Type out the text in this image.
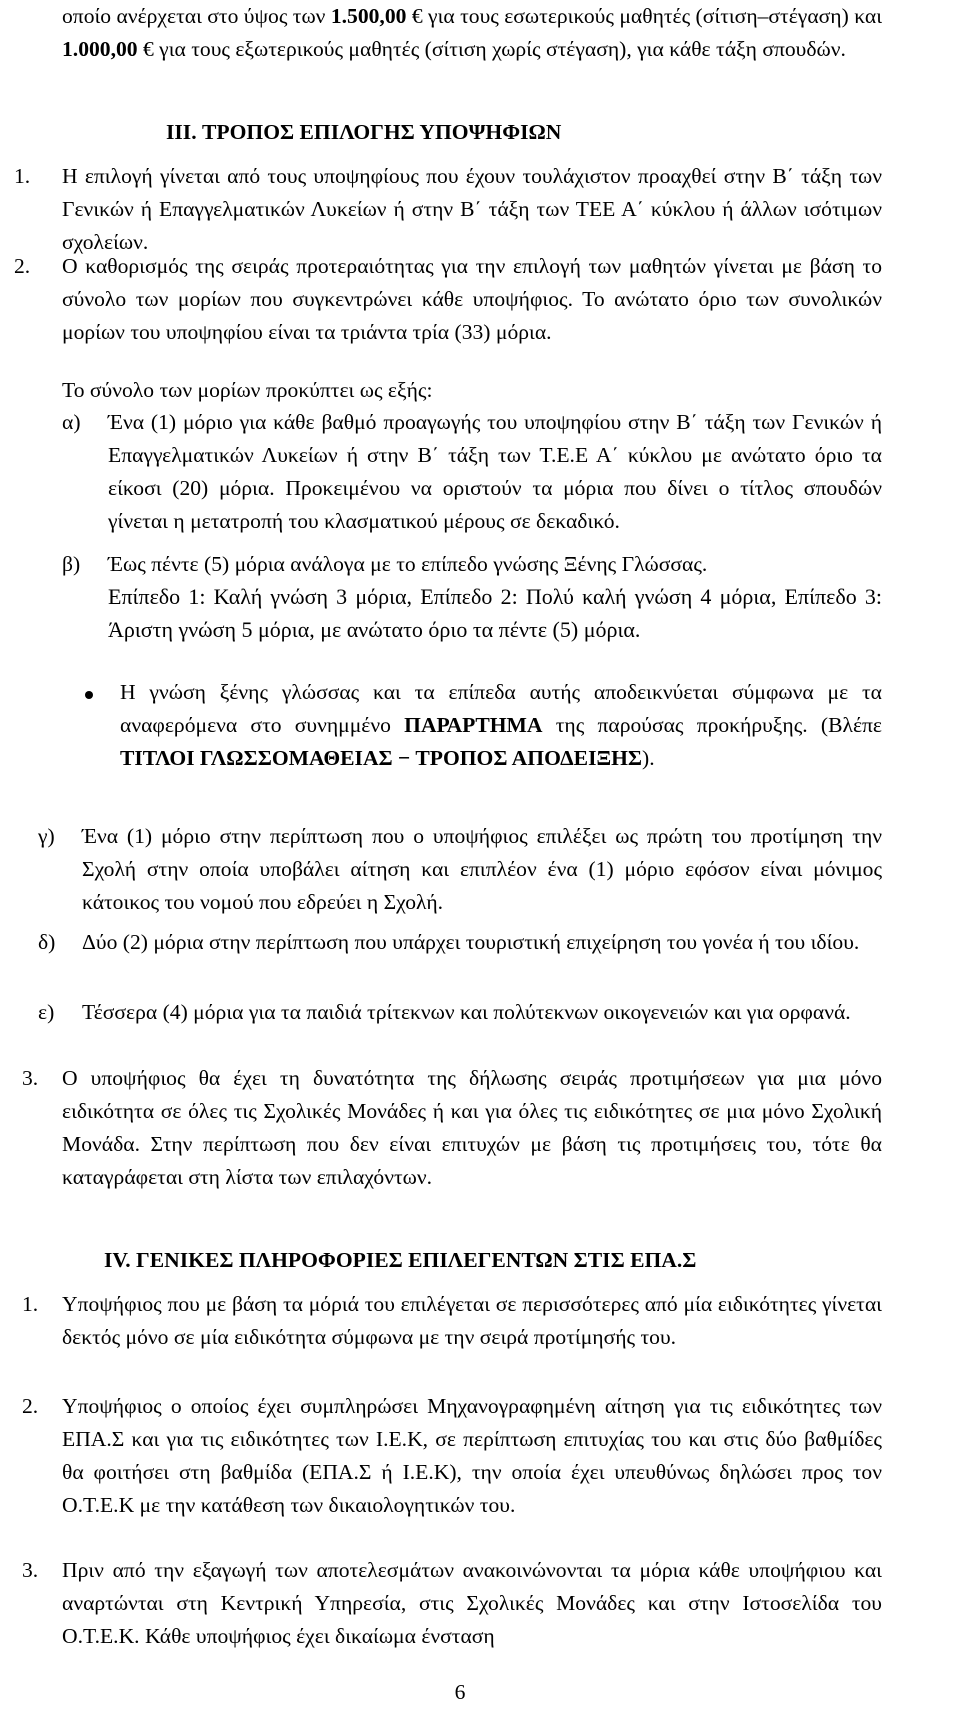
οποίο ανέρχεται στο ύψος των 1.500,00 € για τους εσωτερικούς μαθητές (σίτιση–στέγαση) και 1.000,00 € για τους εξωτερικούς μαθητές (σίτιση χωρίς στέγαση), για κάθε τάξη σπουδών.
III. ΤΡΟΠΟΣ ΕΠΙΛΟΓΗΣ ΥΠΟΨΗΦΙΩΝ
1. Η επιλογή γίνεται από τους υποψηφίους που έχουν τουλάχιστον προαχθεί στην Β΄ τάξη των Γενικών ή Επαγγελματικών Λυκείων ή στην Β΄ τάξη των ΤΕΕ Α΄ κύκλου ή άλλων ισότιμων σχολείων.
2. Ο καθορισμός της σειράς προτεραιότητας για την επιλογή των μαθητών γίνεται με βάση το σύνολο των μορίων που συγκεντρώνει κάθε υποψήφιος. Το ανώτατο όριο των συνολικών μορίων του υποψηφίου είναι τα τριάντα τρία (33) μόρια.
Το σύνολο των μορίων προκύπτει ως εξής:
α) Ένα (1) μόριο για κάθε βαθμό προαγωγής του υποψηφίου στην Β΄ τάξη των Γενικών ή Επαγγελματικών Λυκείων ή στην Β΄ τάξη των Τ.Ε.Ε Α΄ κύκλου με ανώτατο όριο τα είκοσι (20) μόρια. Προκειμένου να οριστούν τα μόρια που δίνει ο τίτλος σπουδών γίνεται η μετατροπή του κλασματικού μέρους σε δεκαδικό.
β) Έως πέντε (5) μόρια ανάλογα με το επίπεδο γνώσης Ξένης Γλώσσας.
Επίπεδο 1: Καλή γνώση 3 μόρια, Επίπεδο 2: Πολύ καλή γνώση 4 μόρια, Επίπεδο 3: Άριστη γνώση 5 μόρια, με ανώτατο όριο τα πέντε (5) μόρια.
Η γνώση ξένης γλώσσας και τα επίπεδα αυτής αποδεικνύεται σύμφωνα με τα αναφερόμενα στο συνημμένο ΠΑΡΑΡΤΗΜΑ της παρούσας προκήρυξης. (Βλέπε ΤΙΤΛΟΙ ΓΛΩΣΣΟΜΑΘΕΙΑΣ − ΤΡΟΠΟΣ ΑΠΟΔΕΙΞΗΣ).
γ) Ένα (1) μόριο στην περίπτωση που ο υποψήφιος επιλέξει ως πρώτη του προτίμηση την Σχολή στην οποία υποβάλει αίτηση και επιπλέον ένα (1) μόριο εφόσον είναι μόνιμος κάτοικος του νομού που εδρεύει η Σχολή.
δ) Δύο (2) μόρια στην περίπτωση που υπάρχει τουριστική επιχείρηση του γονέα ή του ιδίου.
ε) Τέσσερα (4) μόρια για τα παιδιά τρίτεκνων και πολύτεκνων οικογενειών και για ορφανά.
3. Ο υποψήφιος θα έχει τη δυνατότητα της δήλωσης σειράς προτιμήσεων για μια μόνο ειδικότητα σε όλες τις Σχολικές Μονάδες ή και για όλες τις ειδικότητες σε μια μόνο Σχολική Μονάδα. Στην περίπτωση που δεν είναι επιτυχών με βάση τις προτιμήσεις του, τότε θα καταγράφεται στη λίστα των επιλαχόντων.
IV. ΓΕΝΙΚΕΣ ΠΛΗΡΟΦΟΡΙΕΣ ΕΠΙΛΕΓΕΝΤΩΝ ΣΤΙΣ ΕΠΑ.Σ
1. Υποψήφιος που με βάση τα μόριά του επιλέγεται σε περισσότερες από μία ειδικότητες γίνεται δεκτός μόνο σε μία ειδικότητα σύμφωνα με την σειρά προτίμησής του.
2. Υποψήφιος ο οποίος έχει συμπληρώσει Μηχανογραφημένη αίτηση για τις ειδικότητες των ΕΠΑ.Σ και για τις ειδικότητες των Ι.Ε.Κ, σε περίπτωση επιτυχίας του και στις δύο βαθμίδες θα φοιτήσει στη βαθμίδα (ΕΠΑ.Σ ή Ι.Ε.Κ), την οποία έχει υπευθύνως δηλώσει προς τον Ο.Τ.Ε.Κ με την κατάθεση των δικαιολογητικών του.
3. Πριν από την εξαγωγή των αποτελεσμάτων ανακοινώνονται τα μόρια κάθε υποψήφιου και αναρτώνται στη Κεντρική Υπηρεσία, στις Σχολικές Μονάδες και στην Ιστοσελίδα του Ο.Τ.Ε.Κ. Κάθε υποψήφιος έχει δικαίωμα ένσταση
6
